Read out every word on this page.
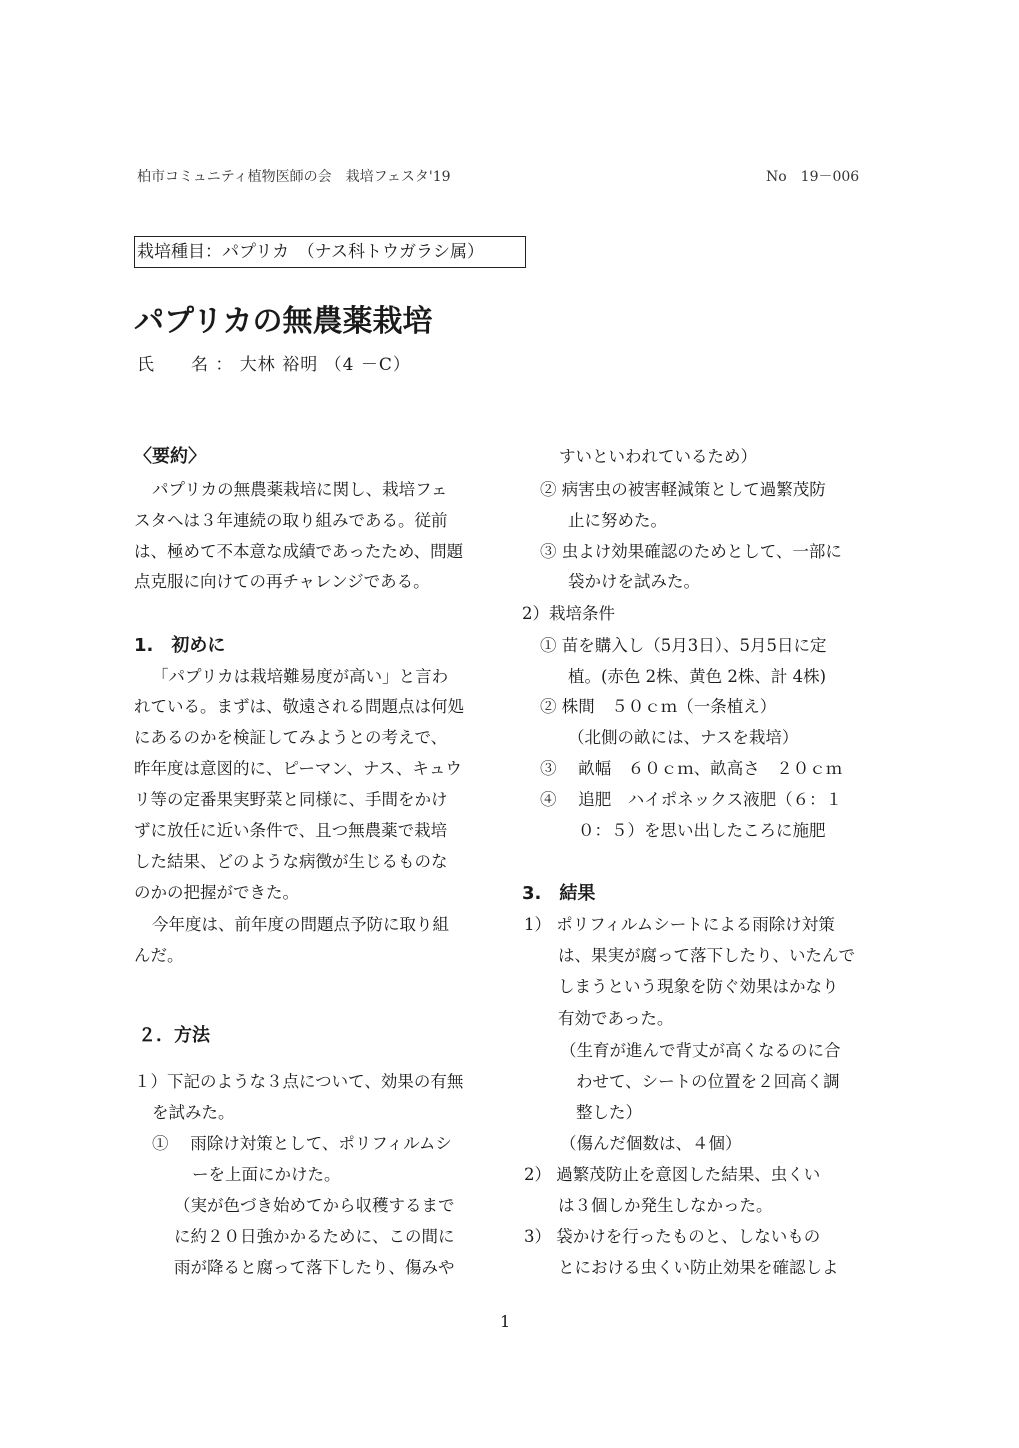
柏市コミュニティ植物医師の会　栽培フェスタ'19	No　19－006
栽培種目：パプリカ　（ナス科トウガラシ属）
パプリカの無農薬栽培
氏　　名 ： 大林 裕明 （4 －C）
〈要約〉
パプリカの無農薬栽培に関し、栽培フェ
スタへは３年連続の取り組みである。従前
は、極めて不本意な成績であったため、問題
点克服に向けての再チャレンジである。
1.　初めに
「パプリカは栽培難易度が高い」と言わ
れている。まずは、敬遠される問題点は何処
にあるのかを検証してみようとの考えで、
昨年度は意図的に、ピーマン、ナス、キュウ
リ等の定番果実野菜と同様に、手間をかけ
ずに放任に近い条件で、且つ無農薬で栽培
した結果、どのような病徴が生じるものな
のかの把握ができた。
今年度は、前年度の問題点予防に取り組
んだ。
２．方法
１）下記のような３点について、効果の有無
を試みた。
①　 雨除け対策として、ポリフィルムシ
ーを上面にかけた。
（実が色づき始めてから収穫するまで
に約２０日強かかるために、この間に
雨が降ると腐って落下したり、傷みや
すいといわれているため）
② 病害虫の被害軽減策として過繁茂防
止に努めた。
③ 虫よけ効果確認のためとして、一部に
袋かけを試みた。
2）栽培条件
① 苗を購入し（5月3日）、5月5日に定
植。(赤色 2株、黄色 2株、計 4株)
② 株間　５０ｃｍ（一条植え）
（北側の畝には、ナスを栽培）
③　 畝幅　６０ｃｍ、畝高さ　２０ｃｍ
④　 追肥　ハイポネックス液肥（６：１
０：５）を思い出したころに施肥
3.　結果
1） ポリフィルムシートによる雨除け対策
は、果実が腐って落下したり、いたんで
しまうという現象を防ぐ効果はかなり
有効であった。
（生育が進んで背丈が高くなるのに合
わせて、シートの位置を２回高く調
整した）
（傷んだ個数は、４個）
2） 過繁茂防止を意図した結果、虫くい
は３個しか発生しなかった。
3） 袋かけを行ったものと、しないもの
とにおける虫くい防止効果を確認しよ
1
